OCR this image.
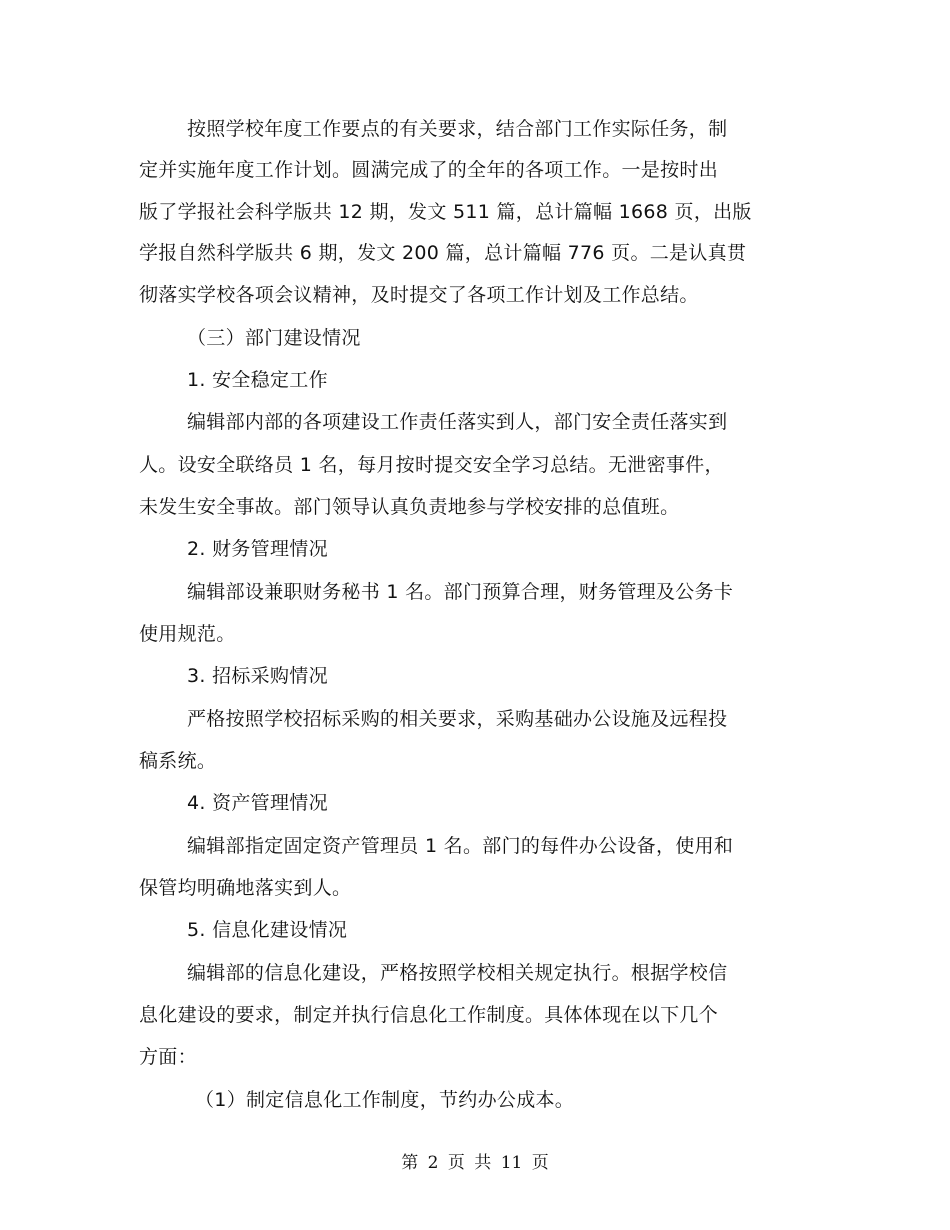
按照学校年度工作要点的有关要求，结合部门工作实际任务，制
定并实施年度工作计划。圆满完成了的全年的各项工作。一是按时出
版了学报社会科学版共 12 期，发文 511 篇，总计篇幅 1668 页，出版
学报自然科学版共 6 期，发文 200 篇，总计篇幅 776 页。二是认真贯
彻落实学校各项会议精神，及时提交了各项工作计划及工作总结。
（三）部门建设情况
1. 安全稳定工作
编辑部内部的各项建设工作责任落实到人，部门安全责任落实到
人。设安全联络员 1 名，每月按时提交安全学习总结。无泄密事件，
未发生安全事故。部门领导认真负责地参与学校安排的总值班。
2. 财务管理情况
编辑部设兼职财务秘书 1 名。部门预算合理，财务管理及公务卡
使用规范。
3. 招标采购情况
严格按照学校招标采购的相关要求，采购基础办公设施及远程投
稿系统。
4. 资产管理情况
编辑部指定固定资产管理员 1 名。部门的每件办公设备，使用和
保管均明确地落实到人。
5. 信息化建设情况
编辑部的信息化建设，严格按照学校相关规定执行。根据学校信
息化建设的要求，制定并执行信息化工作制度。具体体现在以下几个
方面：
（1）制定信息化工作制度，节约办公成本。
第 2 页 共 11 页
